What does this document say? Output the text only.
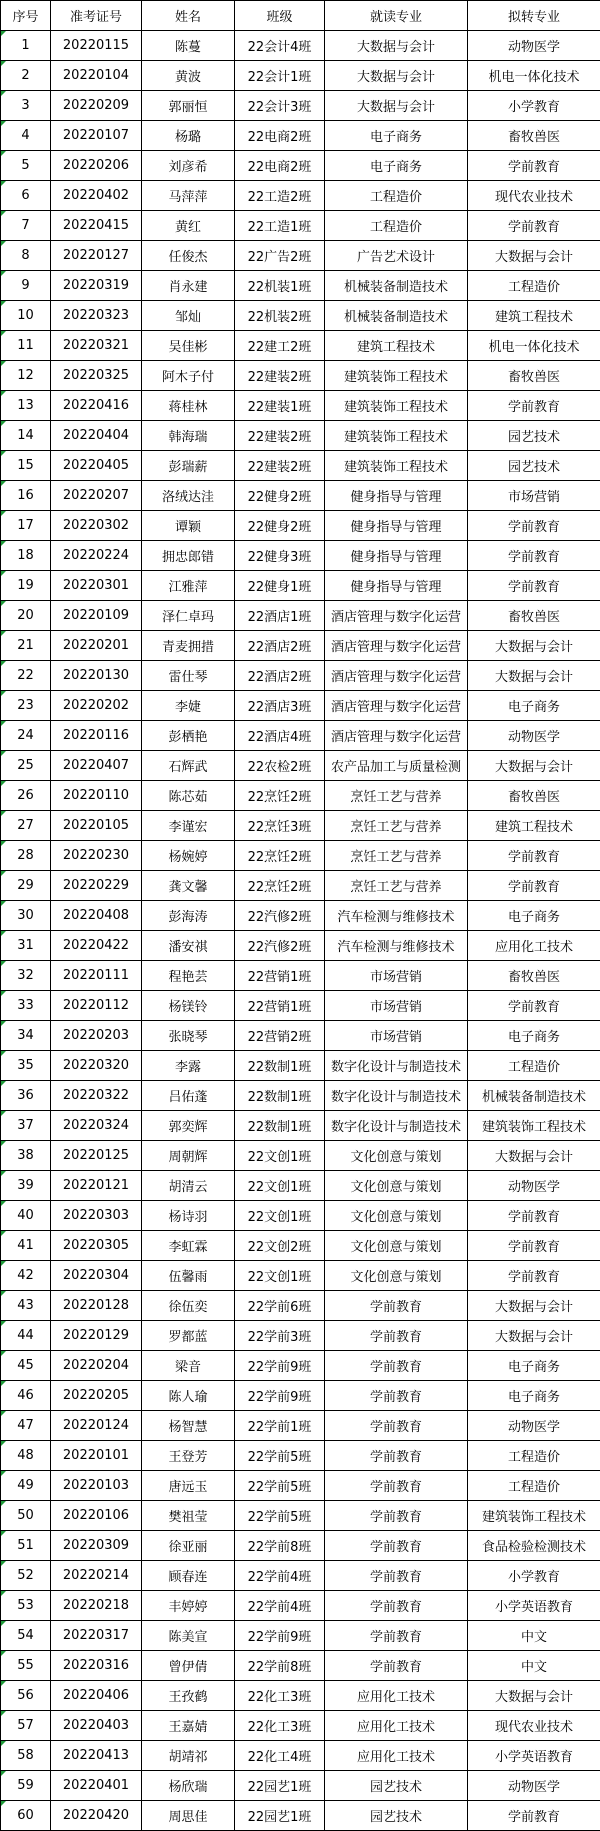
序号	准考证号	姓名	班级	就读专业	拟转专业
1	20220115	陈蔓	22会计4班	大数据与会计	动物医学
2	20220104	黄波	22会计1班	大数据与会计	机电一体化技术
3	20220209	郭丽恒	22会计3班	大数据与会计	小学教育
4	20220107	杨璐	22电商2班	电子商务	畜牧兽医
5	20220206	刘彦希	22电商2班	电子商务	学前教育
6	20220402	马萍萍	22工造2班	工程造价	现代农业技术
7	20220415	黄红	22工造1班	工程造价	学前教育
8	20220127	任俊杰	22广告2班	广告艺术设计	大数据与会计
9	20220319	肖永建	22机装1班	机械装备制造技术	工程造价
10	20220323	邹灿	22机装2班	机械装备制造技术	建筑工程技术
11	20220321	吴佳彬	22建工2班	建筑工程技术	机电一体化技术
12	20220325	阿木子付	22建装2班	建筑装饰工程技术	畜牧兽医
13	20220416	蒋桂林	22建装1班	建筑装饰工程技术	学前教育
14	20220404	韩海瑞	22建装2班	建筑装饰工程技术	园艺技术
15	20220405	彭瑞薪	22建装2班	建筑装饰工程技术	园艺技术
16	20220207	洛绒达洼	22健身2班	健身指导与管理	市场营销
17	20220302	谭颖	22健身2班	健身指导与管理	学前教育
18	20220224	拥忠郎错	22健身3班	健身指导与管理	学前教育
19	20220301	江雅萍	22健身1班	健身指导与管理	学前教育
20	20220109	泽仁卓玛	22酒店1班	酒店管理与数字化运营	畜牧兽医
21	20220201	青麦拥措	22酒店2班	酒店管理与数字化运营	大数据与会计
22	20220130	雷仕琴	22酒店2班	酒店管理与数字化运营	大数据与会计
23	20220202	李婕	22酒店3班	酒店管理与数字化运营	电子商务
24	20220116	彭栖艳	22酒店4班	酒店管理与数字化运营	动物医学
25	20220407	石辉武	22农检2班	农产品加工与质量检测	大数据与会计
26	20220110	陈芯茹	22烹饪2班	烹饪工艺与营养	畜牧兽医
27	20220105	李谨宏	22烹饪3班	烹饪工艺与营养	建筑工程技术
28	20220230	杨婉婷	22烹饪2班	烹饪工艺与营养	学前教育
29	20220229	龚文馨	22烹饪2班	烹饪工艺与营养	学前教育
30	20220408	彭海涛	22汽修2班	汽车检测与维修技术	电子商务
31	20220422	潘安祺	22汽修2班	汽车检测与维修技术	应用化工技术
32	20220111	程艳芸	22营销1班	市场营销	畜牧兽医
33	20220112	杨镁铃	22营销1班	市场营销	学前教育
34	20220203	张晓琴	22营销2班	市场营销	电子商务
35	20220320	李露	22数制1班	数字化设计与制造技术	工程造价
36	20220322	吕佑蓬	22数制1班	数字化设计与制造技术	机械装备制造技术
37	20220324	郭奕辉	22数制1班	数字化设计与制造技术	建筑装饰工程技术
38	20220125	周朝辉	22文创1班	文化创意与策划	大数据与会计
39	20220121	胡清云	22文创1班	文化创意与策划	动物医学
40	20220303	杨诗羽	22文创1班	文化创意与策划	学前教育
41	20220305	李虹霖	22文创2班	文化创意与策划	学前教育
42	20220304	伍馨雨	22文创1班	文化创意与策划	学前教育
43	20220128	徐伍奕	22学前6班	学前教育	大数据与会计
44	20220129	罗都蓝	22学前3班	学前教育	大数据与会计
45	20220204	梁音	22学前9班	学前教育	电子商务
46	20220205	陈人瑜	22学前9班	学前教育	电子商务
47	20220124	杨智慧	22学前1班	学前教育	动物医学
48	20220101	王登芳	22学前5班	学前教育	工程造价
49	20220103	唐远玉	22学前5班	学前教育	工程造价
50	20220106	樊祖莹	22学前5班	学前教育	建筑装饰工程技术
51	20220309	徐亚丽	22学前8班	学前教育	食品检验检测技术
52	20220214	顾春连	22学前4班	学前教育	小学教育
53	20220218	丰婷婷	22学前4班	学前教育	小学英语教育
54	20220317	陈美宣	22学前9班	学前教育	中文
55	20220316	曾伊倩	22学前8班	学前教育	中文
56	20220406	王孜鹤	22化工3班	应用化工技术	大数据与会计
57	20220403	王嘉婧	22化工3班	应用化工技术	现代农业技术
58	20220413	胡靖祁	22化工4班	应用化工技术	小学英语教育
59	20220401	杨欣瑞	22园艺1班	园艺技术	动物医学
60	20220420	周思佳	22园艺1班	园艺技术	学前教育
